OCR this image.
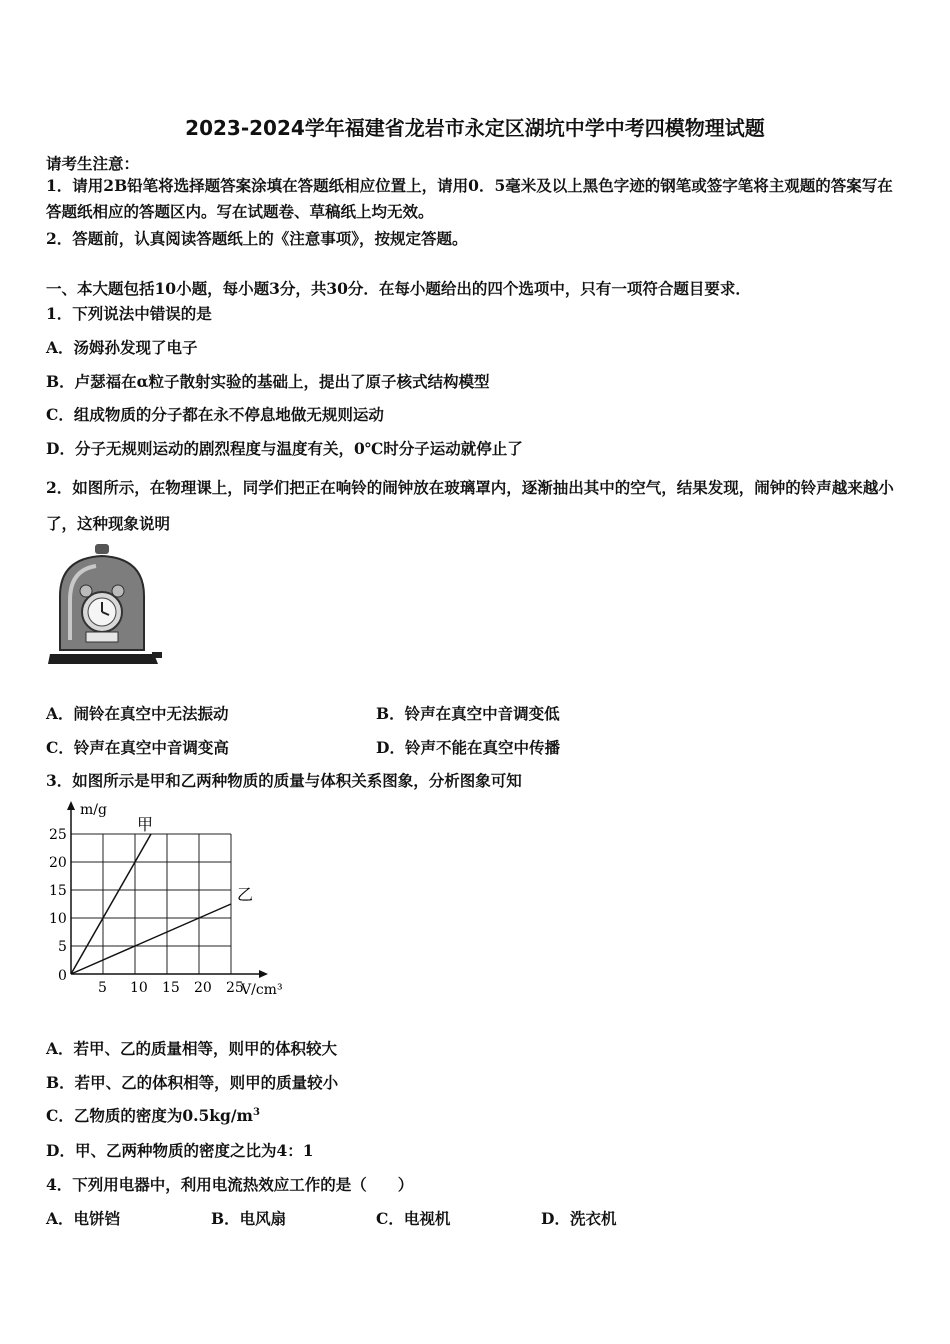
2023-2024学年福建省龙岩市永定区湖坑中学中考四模物理试题
请考生注意：
1．请用2B铅笔将选择题答案涂填在答题纸相应位置上，请用0．5毫米及以上黑色字迹的钢笔或签字笔将主观题的答案写在答题纸相应的答题区内。写在试题卷、草稿纸上均无效。
2．答题前，认真阅读答题纸上的《注意事项》，按规定答题。
一、本大题包括10小题，每小题3分，共30分．在每小题给出的四个选项中，只有一项符合题目要求．
1．下列说法中错误的是
A．汤姆孙发现了电子
B．卢瑟福在α粒子散射实验的基础上，提出了原子核式结构模型
C．组成物质的分子都在永不停息地做无规则运动
D．分子无规则运动的剧烈程度与温度有关，0℃时分子运动就停止了
2．如图所示，在物理课上，同学们把正在响铃的闹钟放在玻璃罩内，逐渐抽出其中的空气，结果发现，闹钟的铃声越来越小了，这种现象说明
A．闹铃在真空中无法振动	B．铃声在真空中音调变低
C．铃声在真空中音调变高	D．铃声不能在真空中传播
3．如图所示是甲和乙两种物质的质量与体积关系图象，分析图象可知
5 10 15 20 25
5
10
15
20
25
甲
乙
m/g
V/cm³
0
A．若甲、乙的质量相等，则甲的体积较大
B．若甲、乙的体积相等，则甲的质量较小
C．乙物质的密度为$0.5kg/m^3$
D．甲、乙两种物质的密度之比为4：1
4．下列用电器中，利用电流热效应工作的是（　　）
A．电饼铛	B．电风扇	C．电视机	D．洗衣机
